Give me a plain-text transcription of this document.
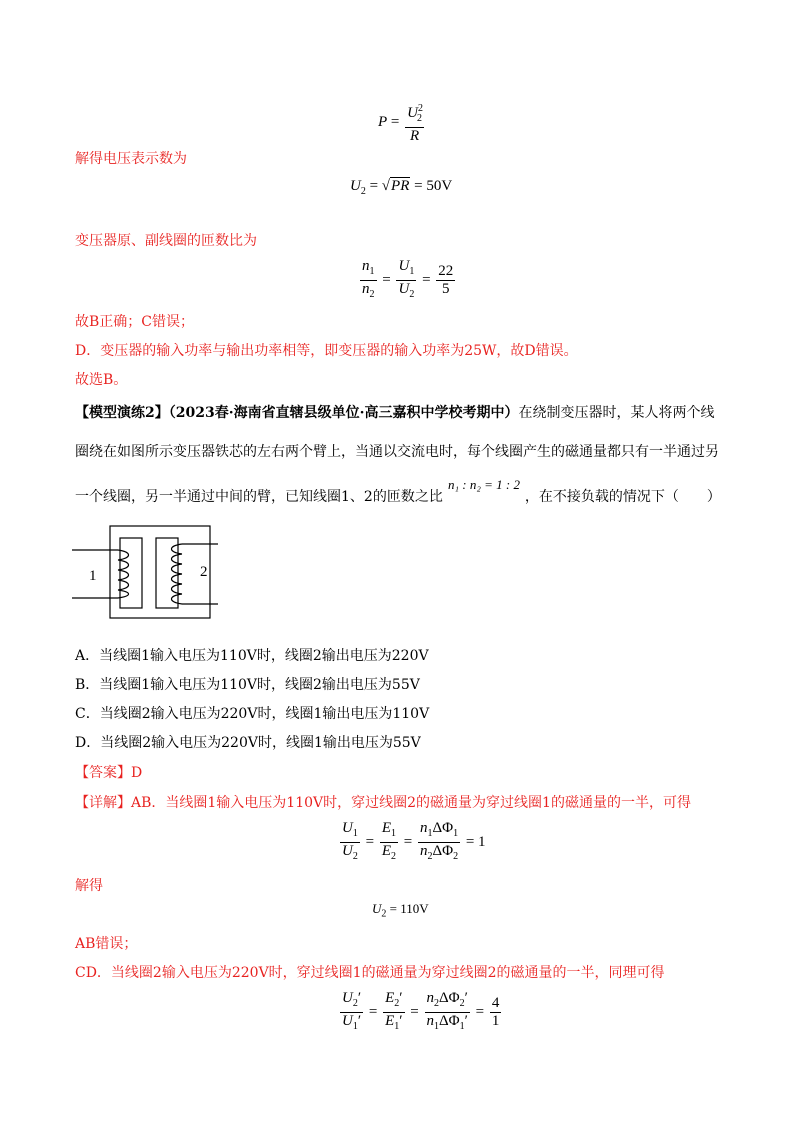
$P = \frac{U^2_2}{R}$
解得电压表示数为
$U_2 = √PR = 50V$
变压器原、副线圈的匝数比为
$\frac{n_1}{n_2} = \frac{U_1}{U_2} = \frac{22}{5}$
故B正确；C错误；
D．变压器的输入功率与输出功率相等，即变压器的输入功率为25W，故D错误。
故选B。
【模型演练2】（2023春·海南省直辖县级单位·高三嘉积中学校考期中）在绕制变压器时，某人将两个线
圈绕在如图所示变压器铁芯的左右两个臂上，当通以交流电时，每个线圈产生的磁通量都只有一半通过另
n₁ : n₂ = 1 : 2
一个线圈，另一半通过中间的臂，已知线圈1、2的匝数之比	，在不接负载的情况下（　　）
1	2
A．当线圈1输入电压为110V时，线圈2输出电压为220V
B．当线圈1输入电压为110V时，线圈2输出电压为55V
C．当线圈2输入电压为220V时，线圈1输出电压为110V
D．当线圈2输入电压为220V时，线圈1输出电压为55V
【答案】D
【详解】AB．当线圈1输入电压为110V时，穿过线圈2的磁通量为穿过线圈1的磁通量的一半，可得
$\frac{U_1}{U_2} = \frac{E_1}{E_2} = \frac{n_1\Delta\Phi_1}{n_2\Delta\Phi_2} = 1$
解得
$U_2 = 110V$
AB错误；
CD．当线圈2输入电压为220V时，穿过线圈1的磁通量为穿过线圈2的磁通量的一半，同理可得
$\frac{U_2'}{U_1'} = \frac{E_2'}{E_1'} = \frac{n_2\Delta\Phi_2'}{n_1\Delta\Phi_1'} = \frac{4}{1}$
